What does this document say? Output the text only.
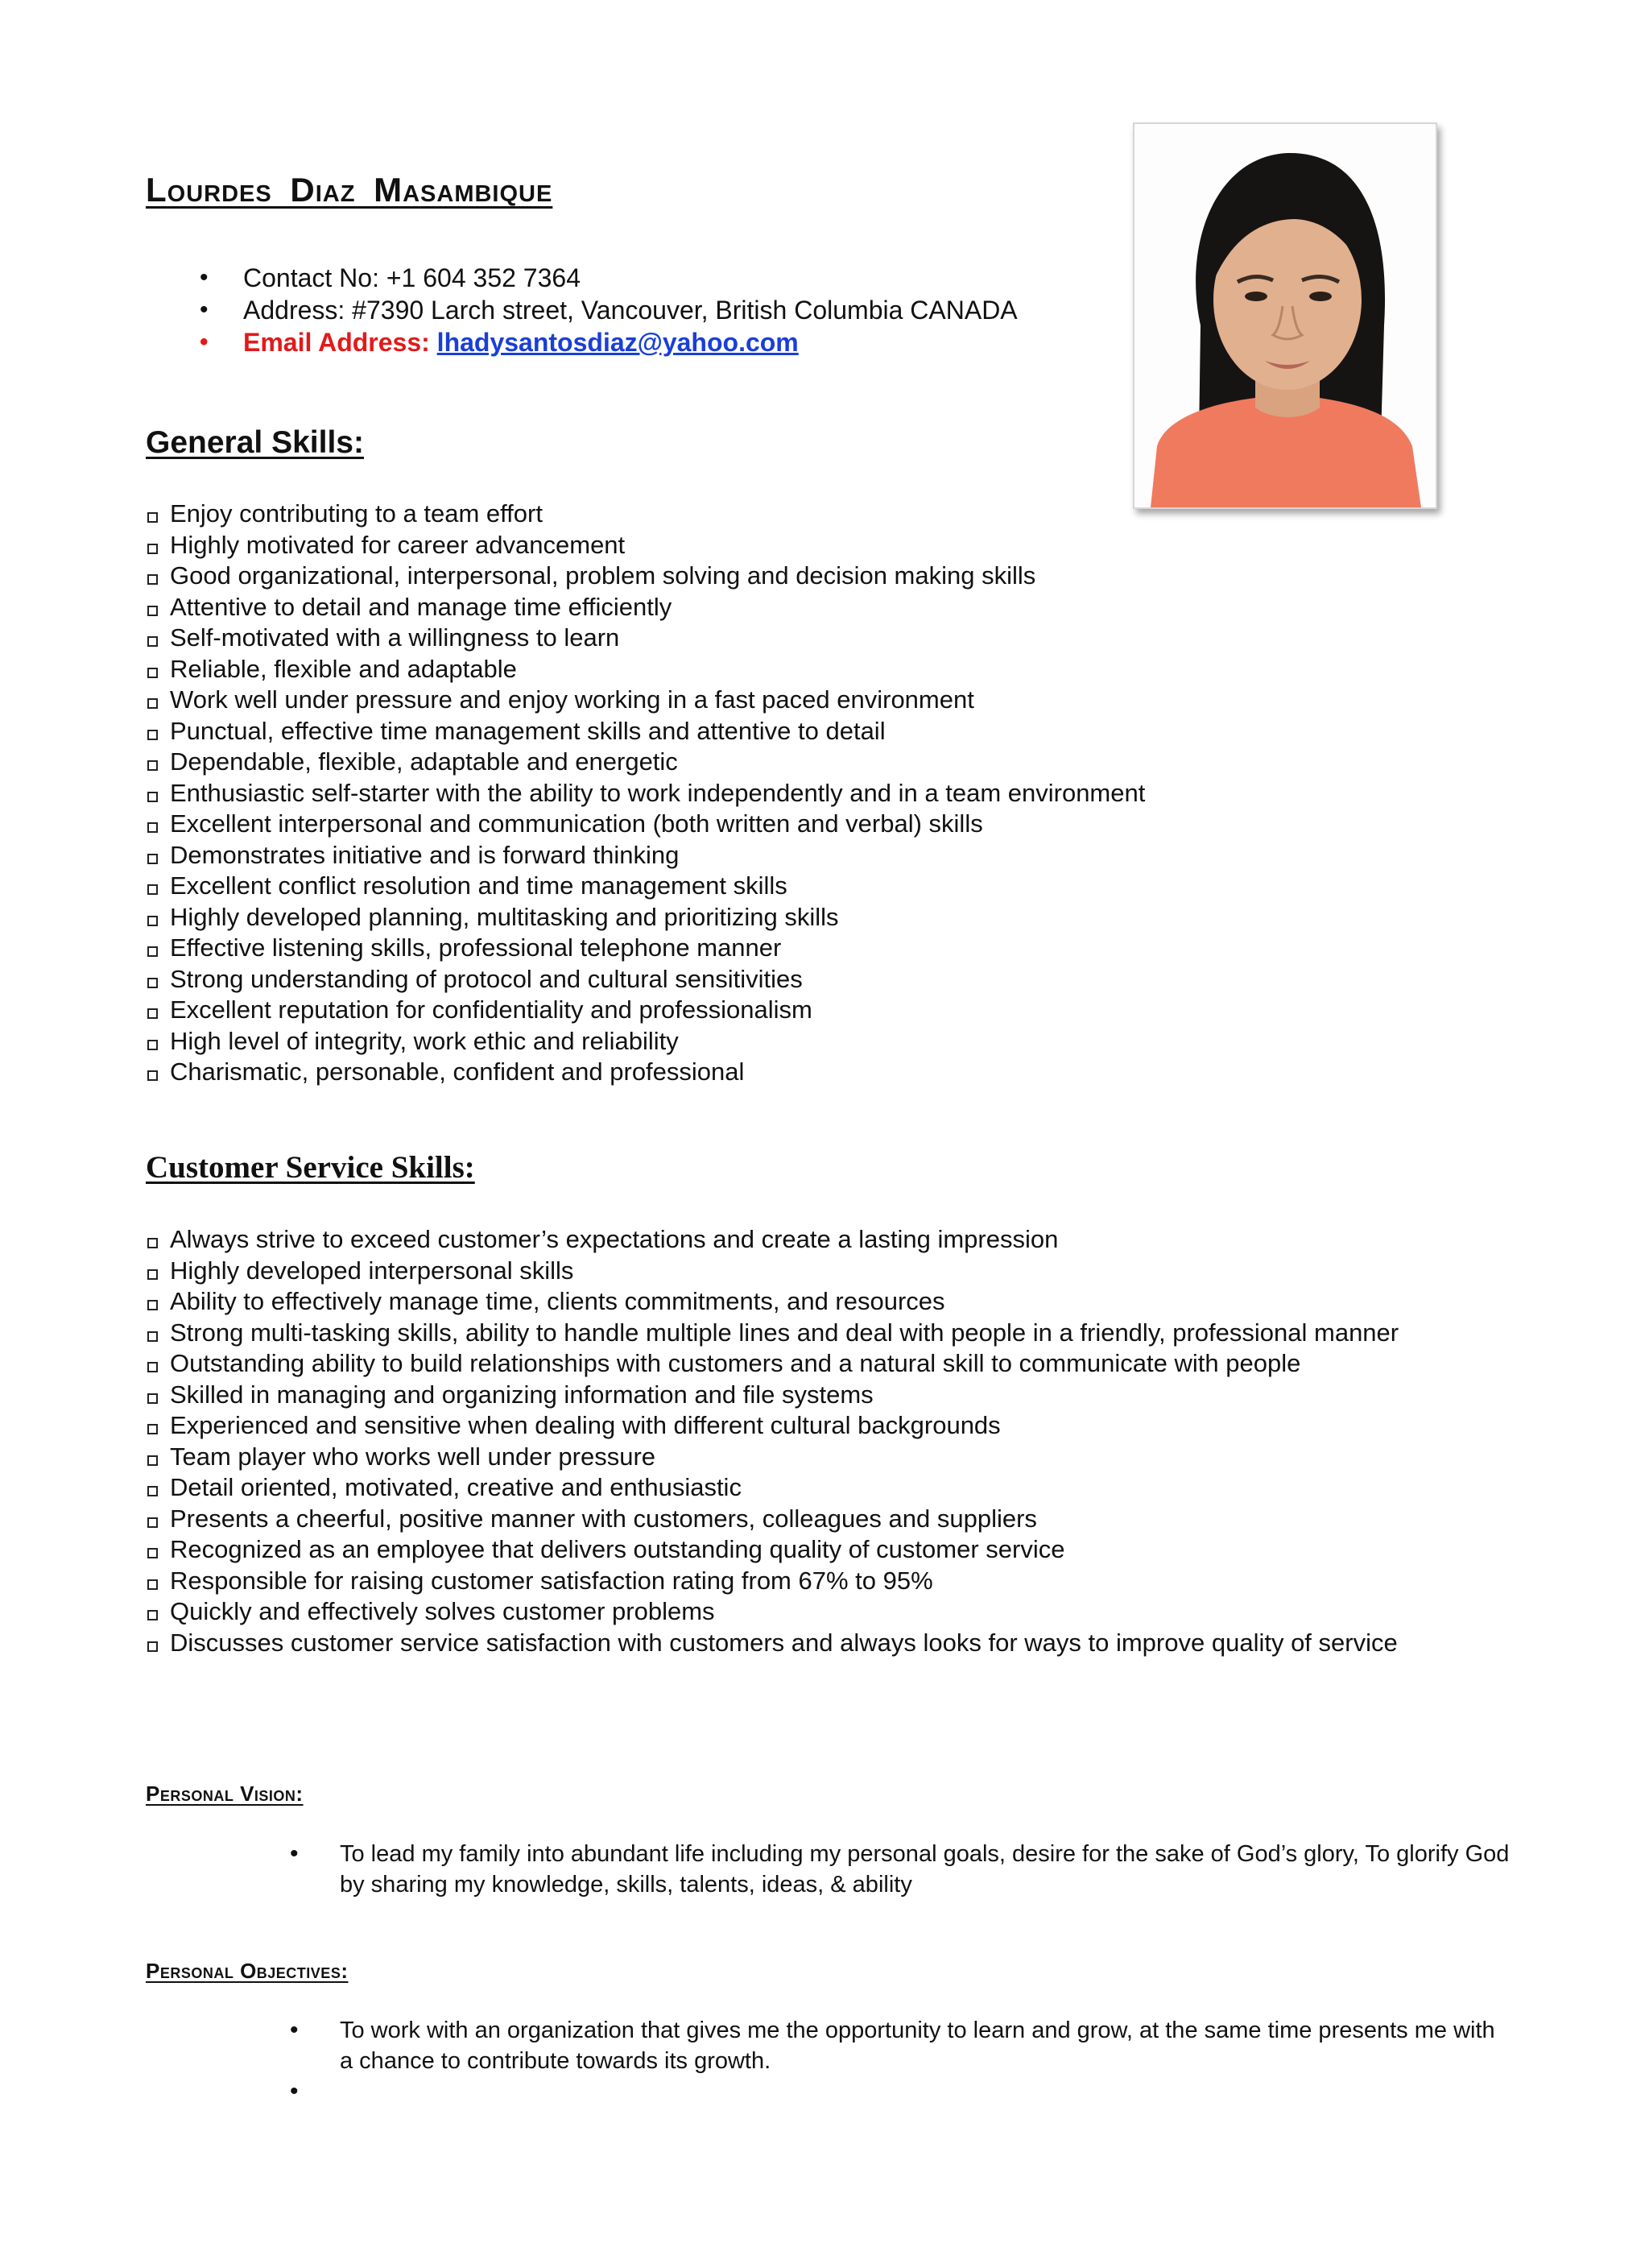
Lourdes Diaz Masambique
• Contact No: +1 604 352 7364
• Address: #7390 Larch street, Vancouver, British Columbia CANADA
• Email Address: lhadysantosdiaz@yahoo.com
General Skills:
Enjoy contributing to a team effort
Highly motivated for career advancement
Good organizational, interpersonal, problem solving and decision making skills
Attentive to detail and manage time efficiently
Self-motivated with a willingness to learn
Reliable, flexible and adaptable
Work well under pressure and enjoy working in a fast paced environment
Punctual, effective time management skills and attentive to detail
Dependable, flexible, adaptable and energetic
Enthusiastic self-starter with the ability to work independently and in a team environment
Excellent interpersonal and communication (both written and verbal) skills
Demonstrates initiative and is forward thinking
Excellent conflict resolution and time management skills
Highly developed planning, multitasking and prioritizing skills
Effective listening skills, professional telephone manner
Strong understanding of protocol and cultural sensitivities
Excellent reputation for confidentiality and professionalism
High level of integrity, work ethic and reliability
Charismatic, personable, confident and professional
Customer Service Skills:
Always strive to exceed customer’s expectations and create a lasting impression
Highly developed interpersonal skills
Ability to effectively manage time, clients commitments, and resources
Strong multi-tasking skills, ability to handle multiple lines and deal with people in a friendly, professional manner
Outstanding ability to build relationships with customers and a natural skill to communicate with people
Skilled in managing and organizing information and file systems
Experienced and sensitive when dealing with different cultural backgrounds
Team player who works well under pressure
Detail oriented, motivated, creative and enthusiastic
Presents a cheerful, positive manner with customers, colleagues and suppliers
Recognized as an employee that delivers outstanding quality of customer service
Responsible for raising customer satisfaction rating from 67% to 95%
Quickly and effectively solves customer problems
Discusses customer service satisfaction with customers and always looks for ways to improve quality of service
Personal Vision:
• To lead my family into abundant life including my personal goals, desire for the sake of God’s glory, To glorify God by sharing my knowledge, skills, talents, ideas, & ability
Personal Objectives:
• To work with an organization that gives me the opportunity to learn and grow, at the same time presents me with a chance to contribute towards its growth.
•
